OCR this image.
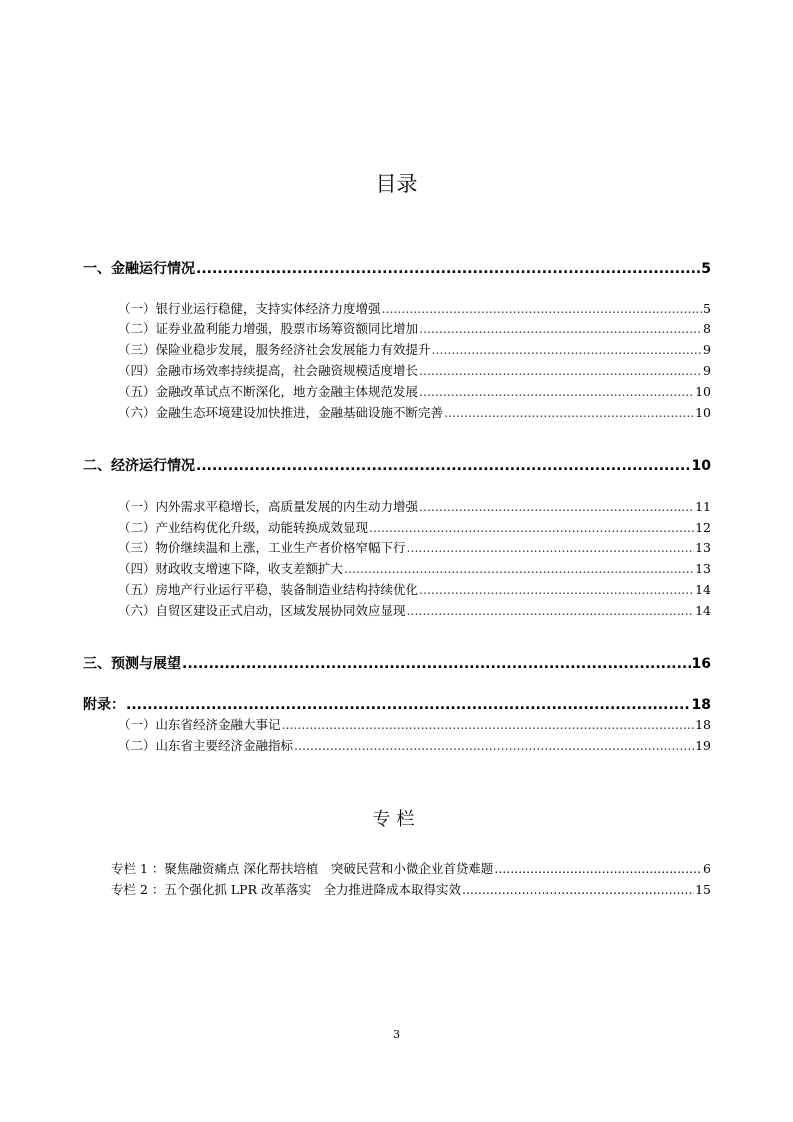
目录
一、金融运行情况 .....	5
（一）银行业运行稳健，支持实体经济力度增强 .....	5
（二）证券业盈利能力增强，股票市场筹资额同比增加 .....	8
（三）保险业稳步发展，服务经济社会发展能力有效提升 .....	9
（四）金融市场效率持续提高，社会融资规模适度增长 .....	9
（五）金融改革试点不断深化，地方金融主体规范发展 .....	10
（六）金融生态环境建设加快推进，金融基础设施不断完善 .....	10
二、经济运行情况 .....	10
（一）内外需求平稳增长，高质量发展的内生动力增强 .....	11
（二）产业结构优化升级，动能转换成效显现 .....	12
（三）物价继续温和上涨，工业生产者价格窄幅下行 .....	13
（四）财政收支增速下降，收支差额扩大 .....	13
（五）房地产行业运行平稳，装备制造业结构持续优化 .....	14
（六）自贸区建设正式启动，区域发展协同效应显现 .....	14
三、预测与展望 .....	16
附录： .....	18
（一）山东省经济金融大事记 .....	18
（二）山东省主要经济金融指标 .....	19
专栏
专栏 1 ：聚焦融资痛点 深化帮扶培植　突破民营和小微企业首贷难题 .....	6
专栏 2 ：五个强化抓 LPR 改革落实　全力推进降成本取得实效 .....	15
3
